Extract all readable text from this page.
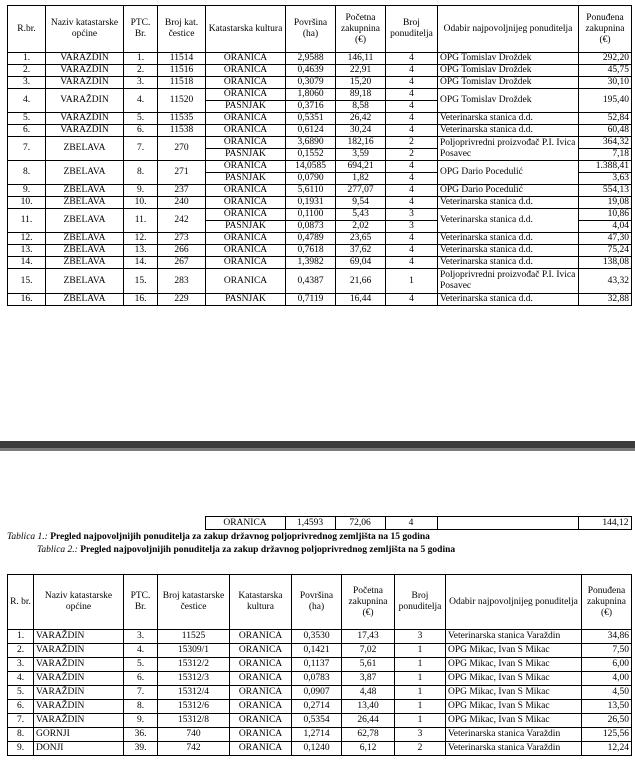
R.br.	Naziv katastarske općine	PTC. Br.	Broj kat. čestice	Katastarska kultura	Površina (ha)	Početna zakupnina (€)	Broj ponuditelja	Odabir najpovoljnijeg ponuditelja	Ponuđena zakupnina (€)
1.	VARAŽDIN	1.	11514	ORANICA	2,9588	146,11	4	OPG Tomislav Droždek	292,20
2.	VARAŽDIN	2.	11516	ORANICA	0,4639	22,91	4	OPG Tomislav Droždek	45,75
3.	VARAŽDIN	3.	11518	ORANICA	0,3079	15,20	4	OPG Tomislav Droždek	30,10
4.	VARAŽDIN	4.	11520	ORANICA	1,8060	89,18	4	OPG Tomislav Droždek	195,40
				PAŠNJAK	0,3716	8,58	4		
5.	VARAŽDIN	5.	11535	ORANICA	0,5351	26,42	4	Veterinarska stanica d.d.	52,84
6.	VARAŽDIN	6.	11538	ORANICA	0,6124	30,24	4	Veterinarska stanica d.d.	60,48
7.	ZBELAVA	7.	270	ORANICA	3,6890	182,16	2	Poljoprivredni proizvođač P.I. Ivica Posavec	364,32
				PAŠNJAK	0,1552	3,59	2		7,18
8.	ZBELAVA	8.	271	ORANICA	14,0585	694,21	4	OPG Dario Pocedulić	1.388,41
				PAŠNJAK	0,0790	1,82	4		3,63
9.	ZBELAVA	9.	237	ORANICA	5,6110	277,07	4	OPG Dario Pocedulić	554,13
10.	ZBELAVA	10.	240	ORANICA	0,1931	9,54	4	Veterinarska stanica d.d.	19,08
11.	ZBELAVA	11.	242	ORANICA	0,1100	5,43	3	Veterinarska stanica d.d.	10,86
				PAŠNJAK	0,0873	2,02	3		4,04
12.	ZBELAVA	12.	273	ORANICA	0,4789	23,65	4	Veterinarska stanica d.d.	47,30
13.	ZBELAVA	13.	266	ORANICA	0,7618	37,62	4	Veterinarska stanica d.d.	75,24
14.	ZBELAVA	14.	267	ORANICA	1,3982	69,04	4	Veterinarska stanica d.d.	138,08
15.	ZBELAVA	15.	283	ORANICA	0,4387	21,66	1	Poljoprivredni proizvođač P.I. Ivica Posavec	43,32
16.	ZBELAVA	16.	229	PAŠNJAK	0,7119	16,44	4	Veterinarska stanica d.d.	32,88
				ORANICA	1,4593	72,06	4		144,12
Tablica 1.: Pregled najpovoljnijih ponuditelja za zakup državnog poljoprivrednog zemljišta na 15 godina
Tablica 2.: Pregled najpovoljnijih ponuditelja za zakup državnog poljoprivrednog zemljišta na 5 godina
R. br.	Naziv katastarske općine	PTC. Br.	Broj katastarske čestice	Katastarska kultura	Površina (ha)	Početna zakupnina (€)	Broj ponuditelja	Odabir najpovoljnijeg ponuditelja	Ponuđena zakupnina (€)
1.	VARAŽDIN	3.	11525	ORANICA	0,3530	17,43	3	Veterinarska stanica Varaždin	34,86
2.	VARAŽDIN	4.	15309/1	ORANICA	0,1421	7,02	1	OPG Mikac, Ivan S Mikac	7,50
3.	VARAŽDIN	5.	15312/2	ORANICA	0,1137	5,61	1	OPG Mikac, Ivan S Mikac	6,00
4.	VARAŽDIN	6.	15312/3	ORANICA	0,0783	3,87	1	OPG Mikac, Ivan S Mikac	4,00
5.	VARAŽDIN	7.	15312/4	ORANICA	0,0907	4,48	1	OPG Mikac, Ivan S Mikac	4,50
6.	VARAŽDIN	8.	15312/6	ORANICA	0,2714	13,40	1	OPG Mikac, Ivan S Mikac	13,50
7.	VARAŽDIN	9.	15312/8	ORANICA	0,5354	26,44	1	OPG Mikac, Ivan S Mikac	26,50
8.	GORNJI	36.	740	ORANICA	1,2714	62,78	3	Veterinarska stanica Varaždin	125,56
9.	DONJI	39.	742	ORANICA	0,1240	6,12	2	Veterinarska stanica Varaždin	12,24
